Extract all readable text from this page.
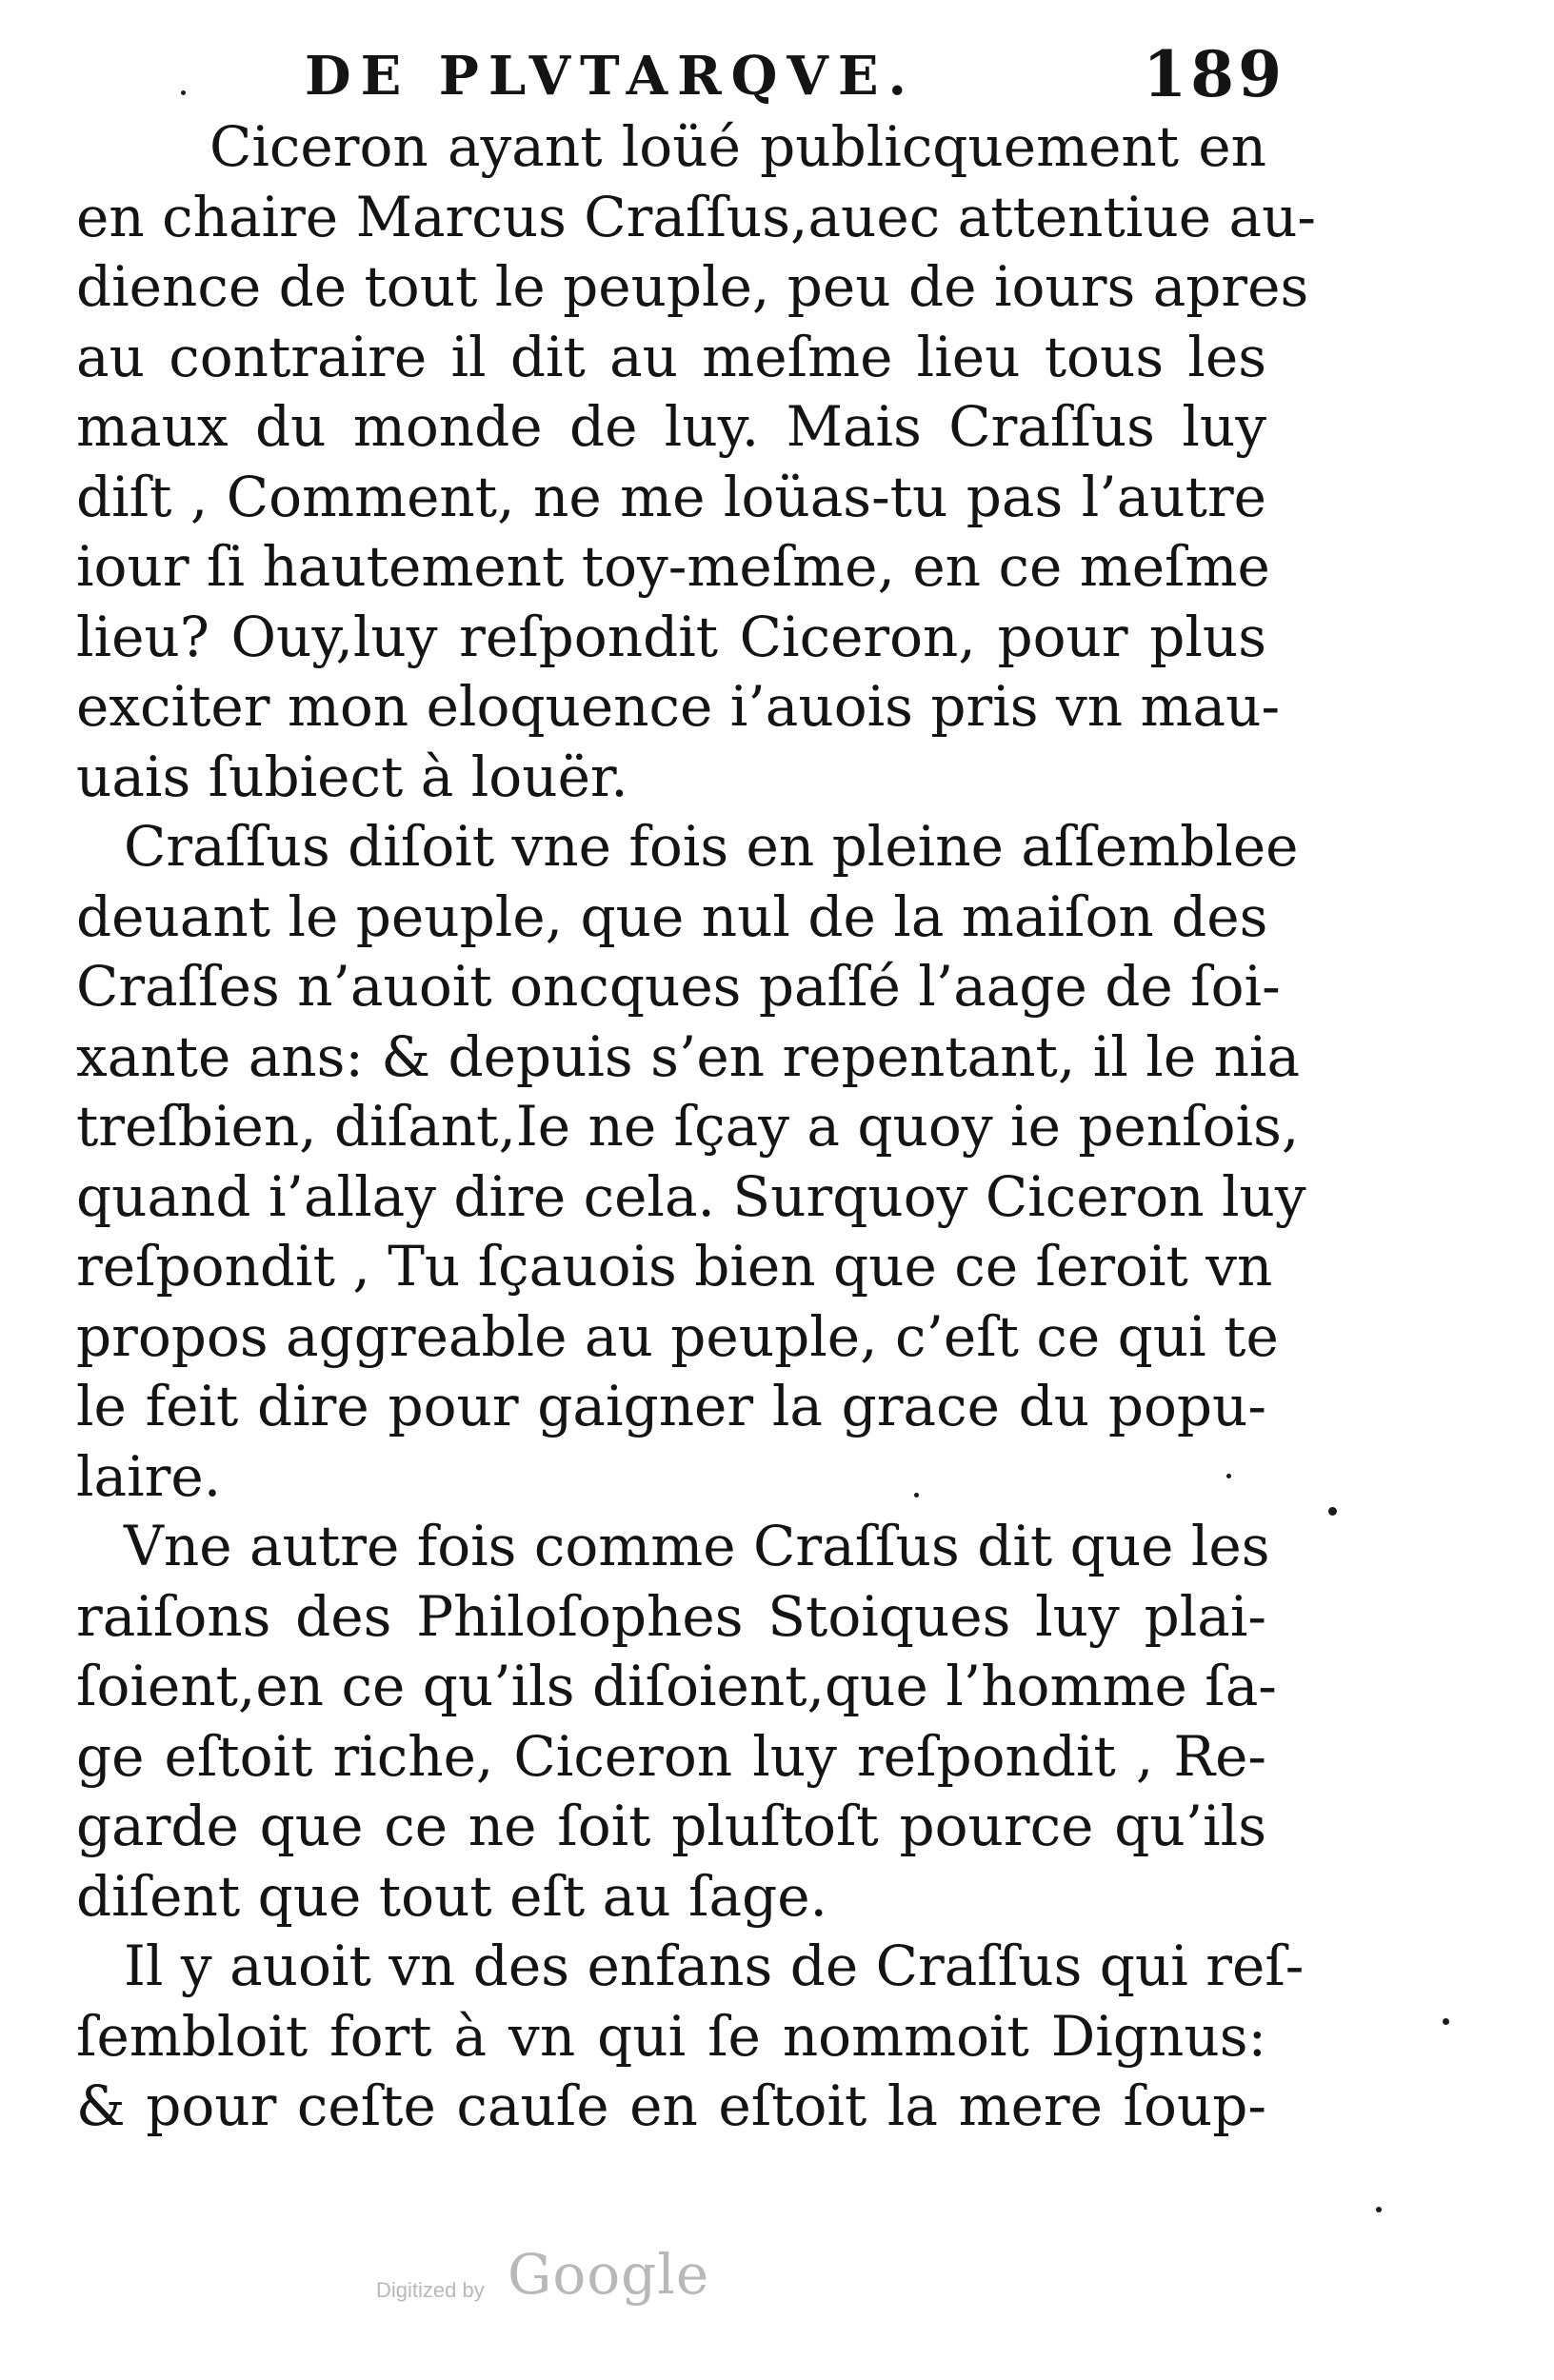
DE PLVTARQVE.	189
Ciceron ayant loüé publicquement en
en chaire Marcus Craſſus,auec attentiue au-
dience de tout le peuple, peu de iours apres
au contraire il dit au meſme lieu tous les
maux du monde de luy. Mais Craſſus luy
diſt , Comment, ne me loüas-tu pas l’autre
iour ſi hautement toy-meſme, en ce meſme
lieu? Ouy,luy reſpondit Ciceron, pour plus
exciter mon eloquence i’auois pris vn mau-
uais ſubiect à louër.
Craſſus diſoit vne fois en pleine aſſemblee
deuant le peuple, que nul de la maiſon des
Craſſes n’auoit oncques paſſé l’aage de ſoi-
xante ans: & depuis s’en repentant, il le nia
treſbien, diſant,Ie ne ſçay a quoy ie penſois,
quand i’allay dire cela. Surquoy Ciceron luy
reſpondit , Tu ſçauois bien que ce ſeroit vn
propos aggreable au peuple, c’eſt ce qui te
le feit dire pour gaigner la grace du popu-
laire.
Vne autre fois comme Craſſus dit que les
raiſons des Philoſophes Stoiques luy plai-
ſoient,en ce qu’ils diſoient,que l’homme ſa-
ge eſtoit riche, Ciceron luy reſpondit , Re-
garde que ce ne ſoit pluſtoſt pource qu’ils
diſent que tout eſt au ſage.
Il y auoit vn des enfans de Craſſus qui reſ-
ſembloit fort à vn qui ſe nommoit Dignus:
& pour ceſte cauſe en eſtoit la mere ſoup-
Digitized by Google
